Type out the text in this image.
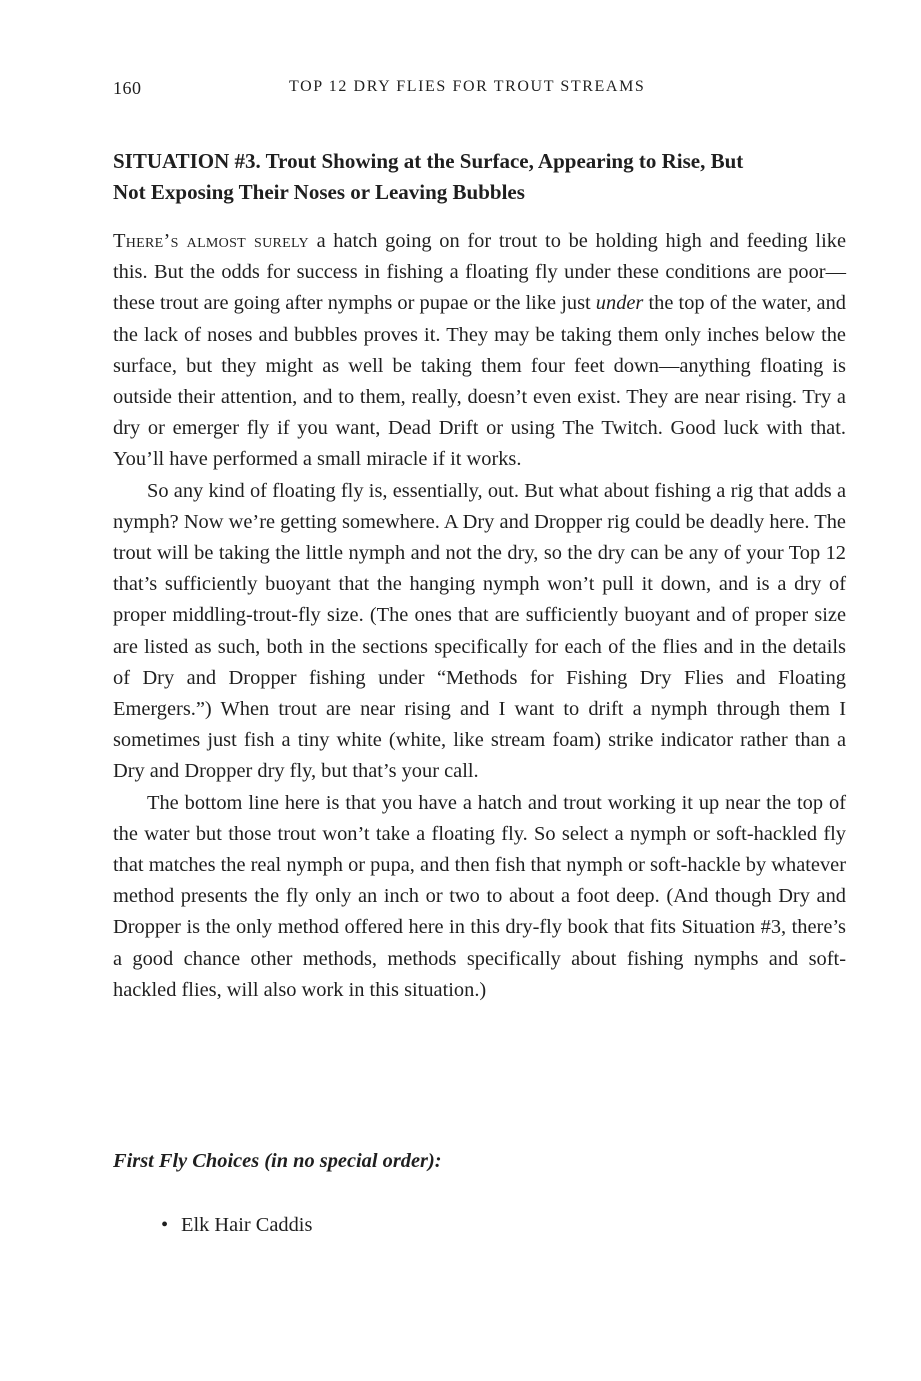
160	TOP 12 DRY FLIES FOR TROUT STREAMS
SITUATION #3. Trout Showing at the Surface, Appearing to Rise, But
Not Exposing Their Noses or Leaving Bubbles

There’s almost surely a hatch going on for trout to be holding high and feeding like this. But the odds for success in fishing a floating fly under these conditions are poor—these trout are going after nymphs or pupae or the like just under the top of the water, and the lack of noses and bubbles proves it. They may be taking them only inches below the surface, but they might as well be taking them four feet down—anything floating is outside their attention, and to them, really, doesn’t even exist. They are near rising. Try a dry or emerger fly if you want, Dead Drift or using The Twitch. Good luck with that. You’ll have performed a small miracle if it works.

So any kind of floating fly is, essentially, out. But what about fishing a rig that adds a nymph? Now we’re getting somewhere. A Dry and Dropper rig could be deadly here. The trout will be taking the little nymph and not the dry, so the dry can be any of your Top 12 that’s sufficiently buoyant that the hanging nymph won’t pull it down, and is a dry of proper middling-trout-fly size. (The ones that are sufficiently buoyant and of proper size are listed as such, both in the sections specifically for each of the flies and in the details of Dry and Dropper fishing under “Methods for Fishing Dry Flies and Floating Emergers.”) When trout are near rising and I want to drift a nymph through them I sometimes just fish a tiny white (white, like stream foam) strike indicator rather than a Dry and Dropper dry fly, but that’s your call.

The bottom line here is that you have a hatch and trout working it up near the top of the water but those trout won’t take a floating fly. So select a nymph or soft-hackled fly that matches the real nymph or pupa, and then fish that nymph or soft-hackle by whatever method presents the fly only an inch or two to about a foot deep. (And though Dry and Dropper is the only method offered here in this dry-fly book that fits Situation #3, there’s a good chance other methods, methods specifically about fishing nymphs and soft-hackled flies, will also work in this situation.)

First Fly Choices (in no special order):
• Elk Hair Caddis
